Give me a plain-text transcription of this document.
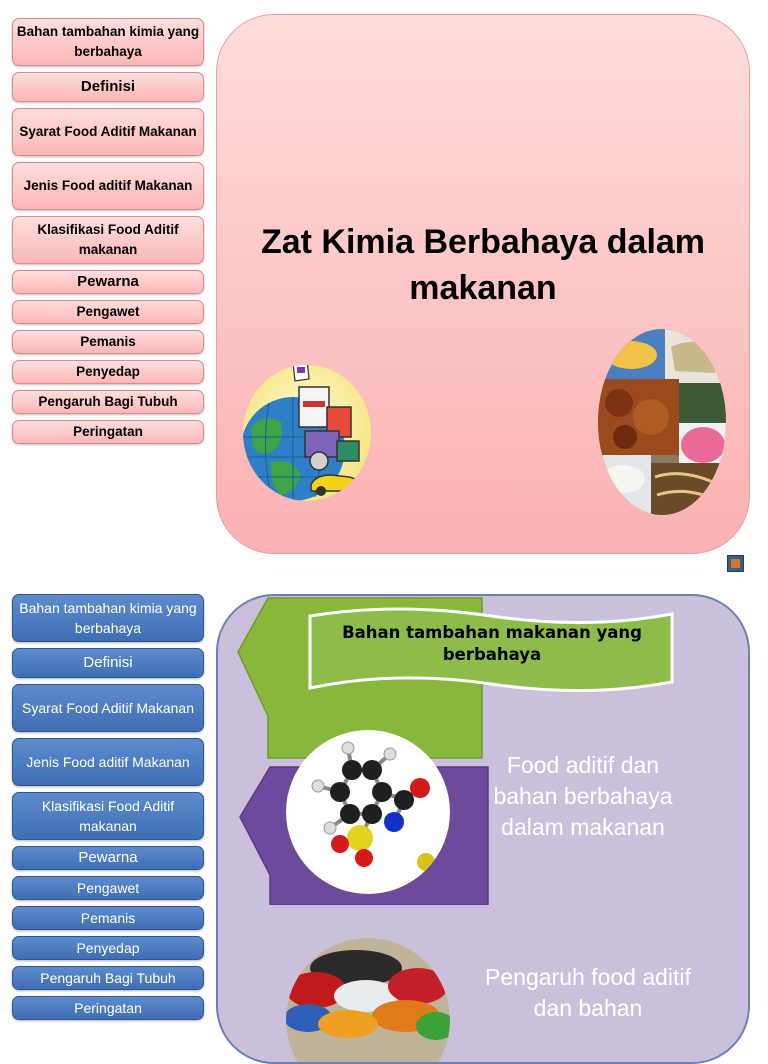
Bahan tambahan kimia yang berbahaya
Definisi
Syarat Food Aditif Makanan
Jenis Food aditif Makanan
Klasifikasi Food Aditif makanan
Pewarna
Pengawet
Pemanis
Penyedap
Pengaruh Bagi Tubuh
Peringatan
Zat Kimia Berbahaya dalam makanan
Bahan tambahan kimia yang berbahaya
Definisi
Syarat Food Aditif Makanan
Jenis Food aditif Makanan
Klasifikasi Food Aditif makanan
Pewarna
Pengawet
Pemanis
Penyedap
Pengaruh Bagi Tubuh
Peringatan
Bahan tambahan makanan yang berbahaya

Food aditif dan bahan berbahaya dalam makanan
Pengaruh food aditif dan bahan
